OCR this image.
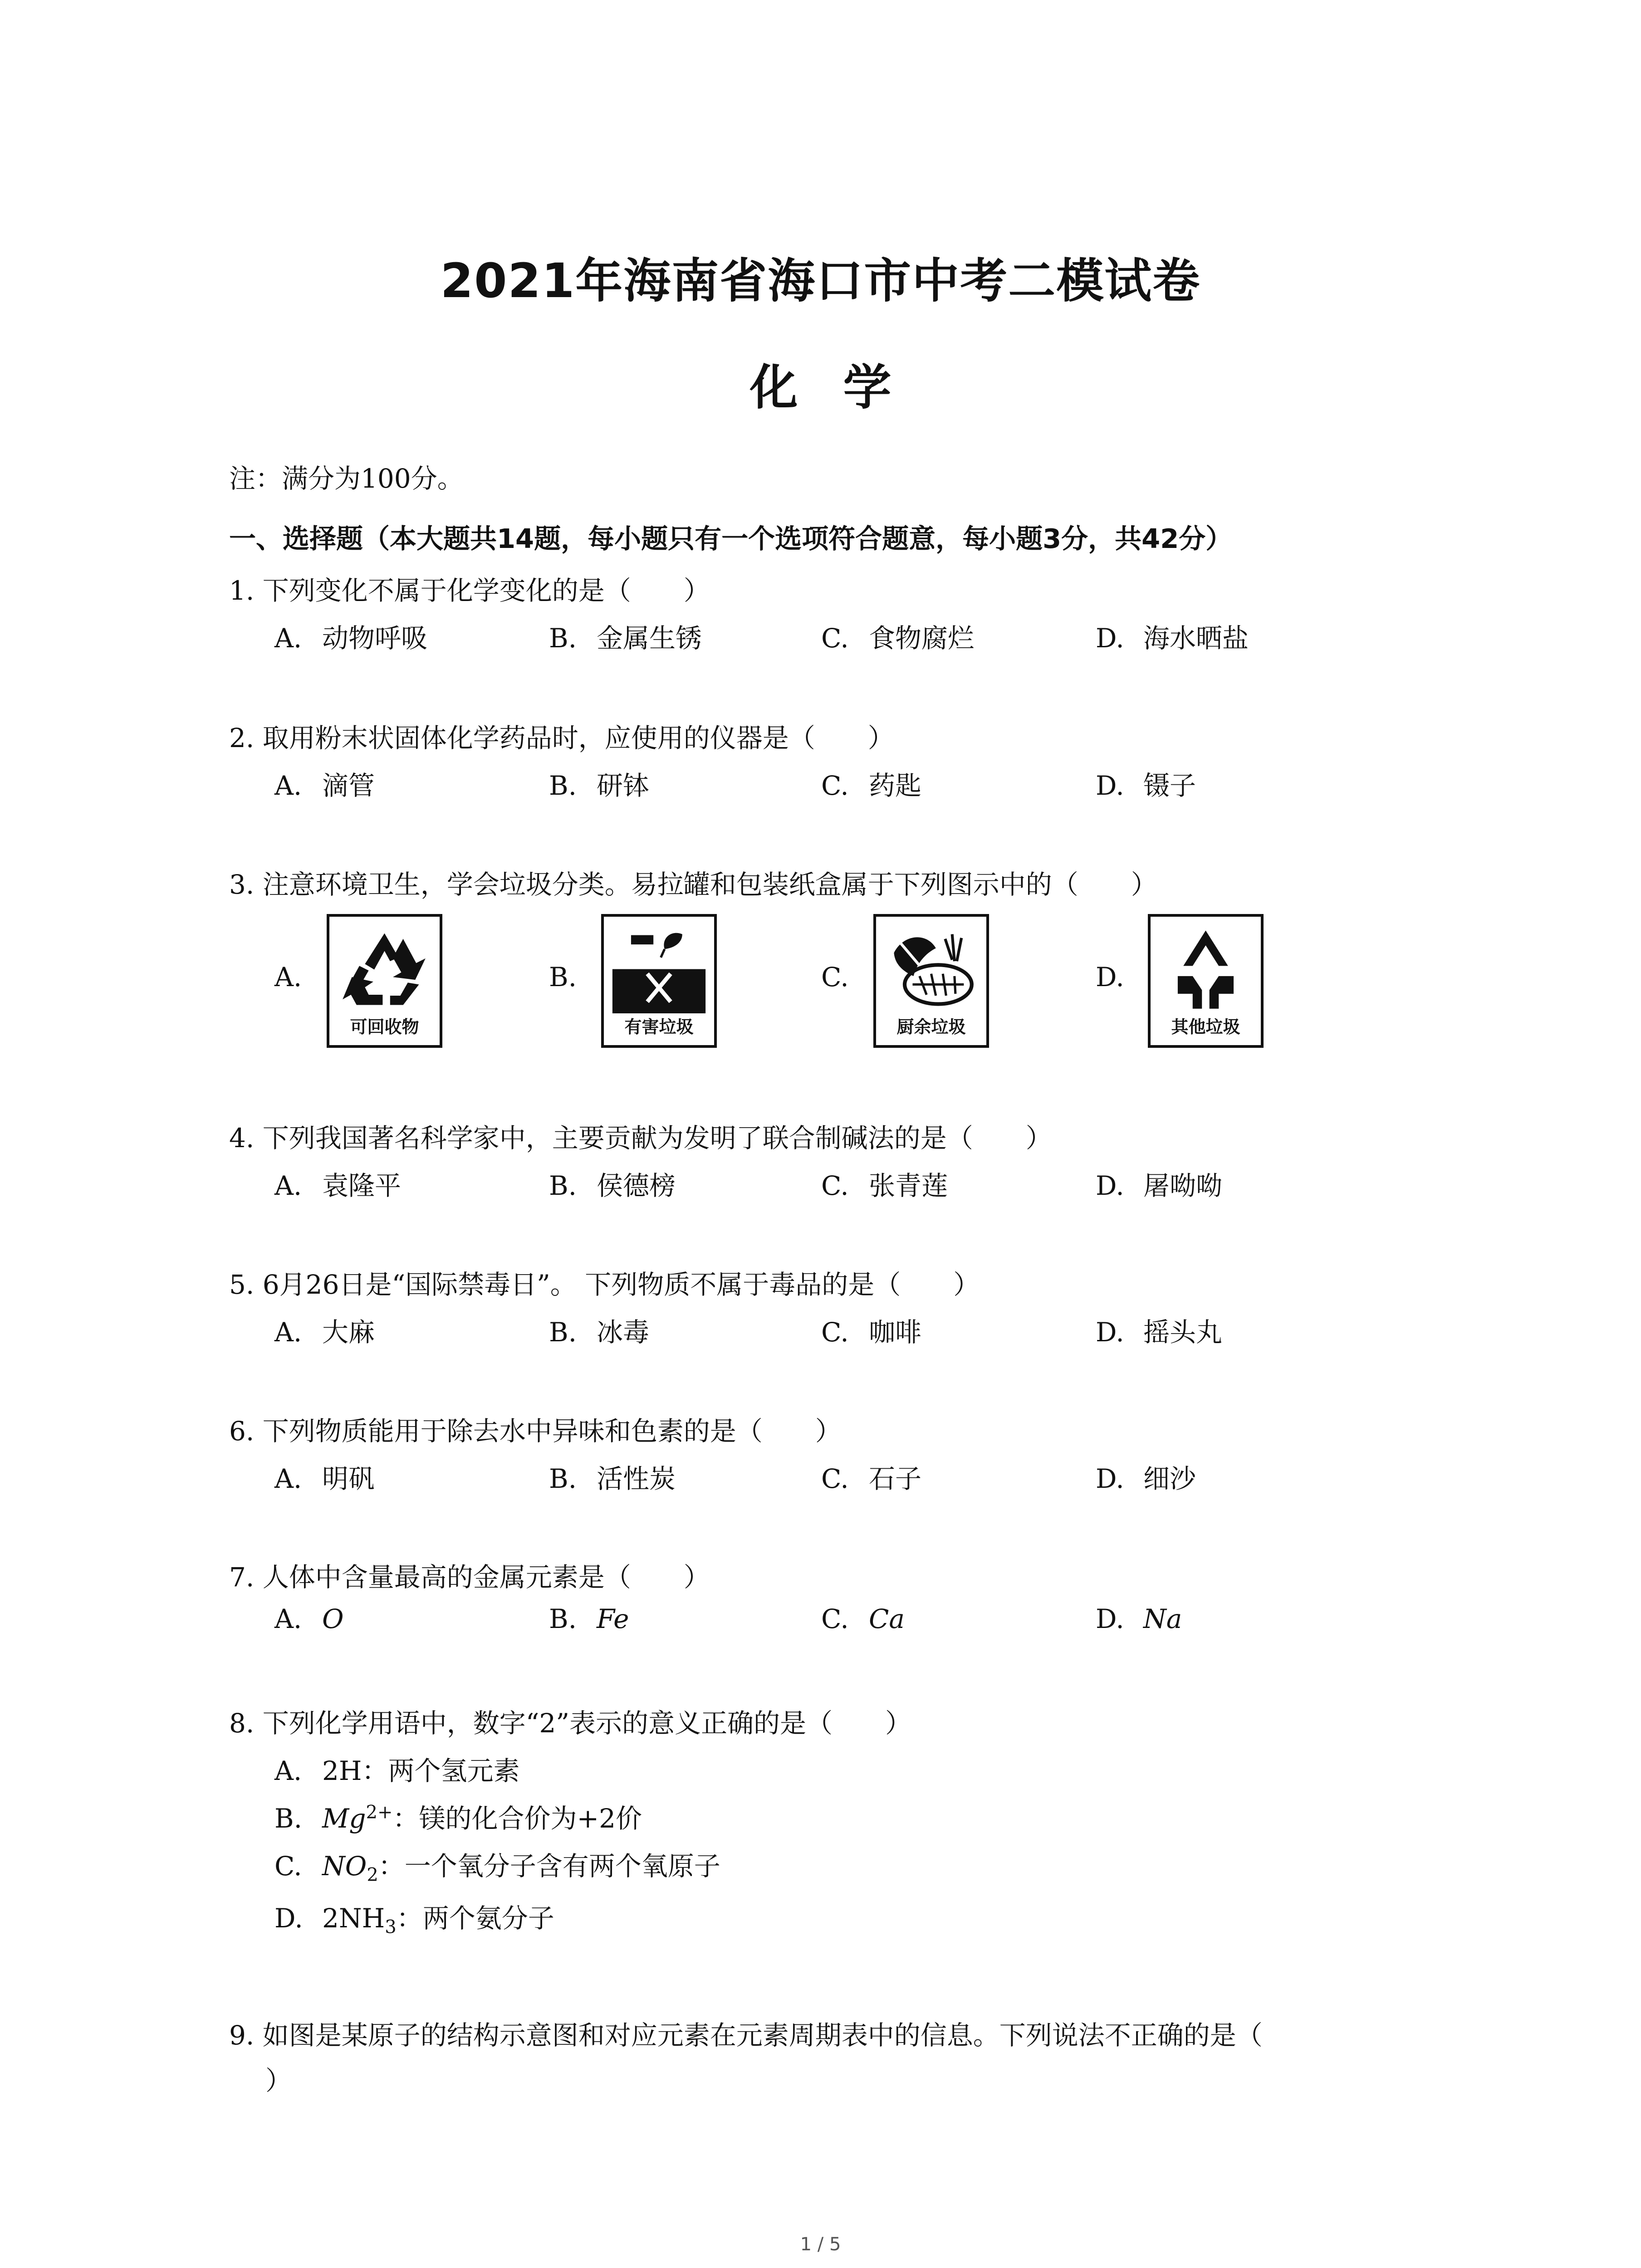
2021年海南省海口市中考二模试卷
化学
注：满分为100分。
一、选择题（本大题共14题，每小题只有一个选项符合题意，每小题3分，共42分）
1. 下列变化不属于化学变化的是（　　）
A. 动物呼吸	B. 金属生锈	C. 食物腐烂	D. 海水晒盐
2. 取用粉末状固体化学药品时，应使用的仪器是（　　）
A. 滴管	B. 研钵	C. 药匙	D. 镊子
3. 注意环境卫生，学会垃圾分类。易拉罐和包装纸盒属于下列图示中的（　　）
A.
可回收物
B.
有害垃圾
C.
厨余垃圾
D.
其他垃圾
4. 下列我国著名科学家中，主要贡献为发明了联合制碱法的是（　　）
A. 袁隆平	B. 侯德榜	C. 张青莲	D. 屠呦呦
5. 6月26日是“国际禁毒日”。 下列物质不属于毒品的是（　　）
A. 大麻	B. 冰毒	C. 咖啡	D. 摇头丸
6. 下列物质能用于除去水中异味和色素的是（　　）
A. 明矾	B. 活性炭	C. 石子	D. 细沙
7. 人体中含量最高的金属元素是（　　）
A. O	B. Fe	C. Ca	D. Na
8. 下列化学用语中，数字“2”表示的意义正确的是（　　）
A. 2H：两个氢元素
B. $Mg^{2+}$：镁的化合价为+2价
C. $NO_2$：一个氧分子含有两个氧原子
D. $2NH_3$：两个氨分子
9. 如图是某原子的结构示意图和对应元素在元素周期表中的信息。下列说法不正确的是（
）
1 / 5
